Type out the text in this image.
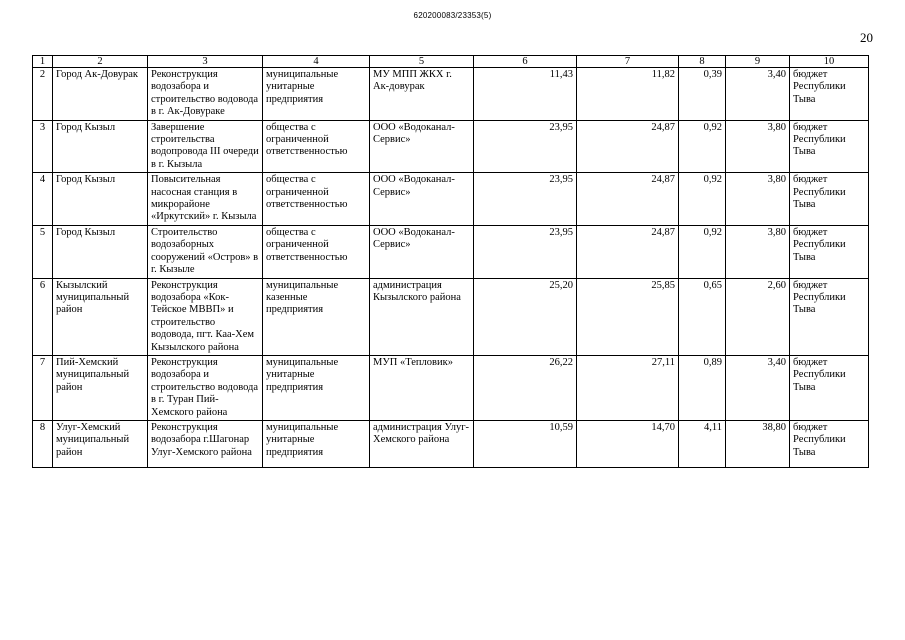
620200083/23353(5)
20
1	2	3	4	5	6	7	8	9	10
2	Город Ак-Довурак	Реконструкция водозабора и строительство водовода в г. Ак-Довураке	муниципальные унитарные предприятия	МУ МПП ЖКХ г. Ак-довурак	11,43	11,82	0,39	3,40	бюджет Республики Тыва
3	Город Кызыл	Завершение строительства водопровода III очереди в г. Кызыла	общества с ограниченной ответственностью	ООО «Водоканал-Сервис»	23,95	24,87	0,92	3,80	бюджет Республики Тыва
4	Город Кызыл	Повысительная насосная станция в микрорайоне «Иркутский» г. Кызыла	общества с ограниченной ответственностью	ООО «Водоканал-Сервис»	23,95	24,87	0,92	3,80	бюджет Республики Тыва
5	Город Кызыл	Строительство водозаборных сооружений «Остров» в г. Кызыле	общества с ограниченной ответственностью	ООО «Водоканал-Сервис»	23,95	24,87	0,92	3,80	бюджет Республики Тыва
6	Кызылский муниципальный район	Реконструкция водозабора «Кок-Тейское МВВП» и строительство водовода, пгт. Каа-Хем Кызылского района	муниципальные казенные предприятия	администрация Кызылского района	25,20	25,85	0,65	2,60	бюджет Республики Тыва
7	Пий-Хемский муниципальный район	Реконструкция водозабора и строительство водовода в г. Туран Пий-Хемского района	муниципальные унитарные предприятия	МУП «Тепловик»	26,22	27,11	0,89	3,40	бюджет Республики Тыва
8	Улуг-Хемский муниципальный район	Реконструкция водозабора г.Шагонар Улуг-Хемского района	муниципальные унитарные предприятия	администрация Улуг-Хемского района	10,59	14,70	4,11	38,80	бюджет Республики Тыва
